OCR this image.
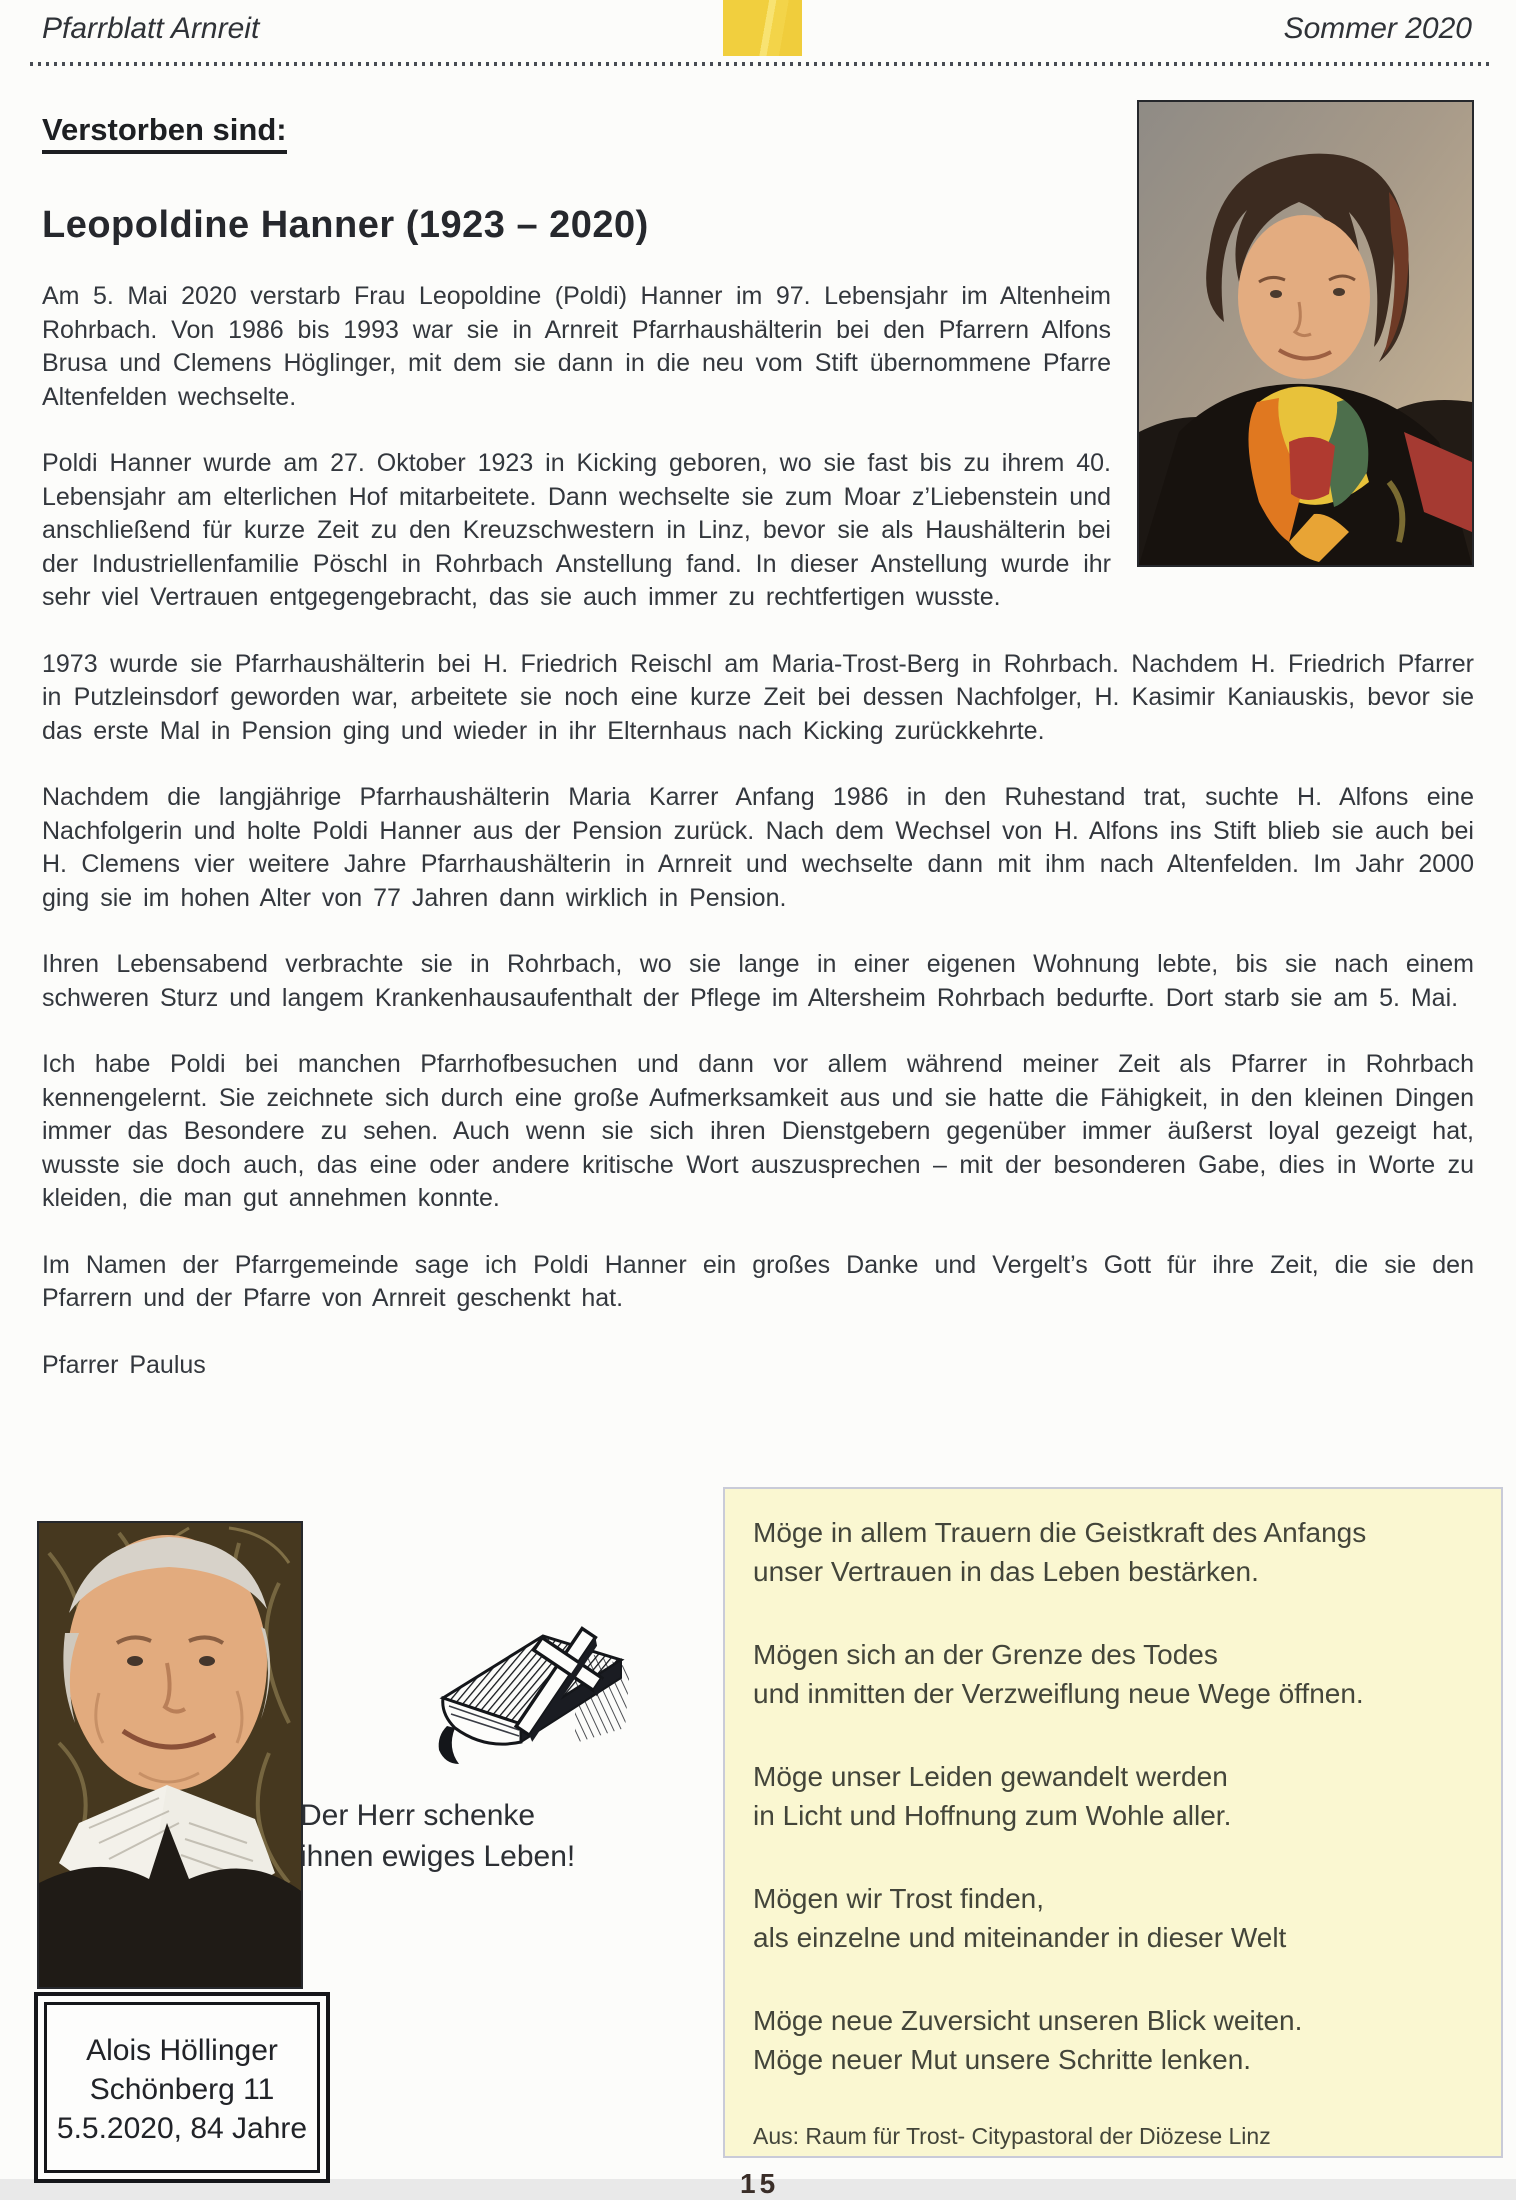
Pfarrblatt Arnreit	Sommer 2020
Verstorben sind:
Leopoldine Hanner (1923 – 2020)

Am 5. Mai 2020 verstarb Frau Leopoldine (Poldi) Hanner im 97. Lebensjahr im Altenheim Rohrbach. Von 1986 bis 1993 war sie in Arnreit Pfarrhaushälterin bei den Pfarrern Alfons Brusa und Clemens Höglinger, mit dem sie dann in die neu vom Stift übernommene Pfarre Altenfelden wechselte.

Poldi Hanner wurde am 27. Oktober 1923 in Kicking geboren, wo sie fast bis zu ihrem 40. Lebensjahr am elterlichen Hof mitarbeitete. Dann wechselte sie zum Moar z’Liebenstein und anschließend für kurze Zeit zu den Kreuzschwestern in Linz, bevor sie als Haushälterin bei der Industriellenfamilie Pöschl in Rohrbach Anstellung fand. In dieser Anstellung wurde ihr sehr viel Vertrauen entgegengebracht, das sie auch immer zu rechtfertigen wusste.

1973 wurde sie Pfarrhaushälterin bei H. Friedrich Reischl am Maria-Trost-Berg in Rohrbach. Nachdem H. Friedrich Pfarrer in Putzleinsdorf geworden war, arbeitete sie noch eine kurze Zeit bei dessen Nachfolger, H. Kasimir Kaniauskis, bevor sie das erste Mal in Pension ging und wieder in ihr Elternhaus nach Kicking zurückkehrte.

Nachdem die langjährige Pfarrhaushälterin Maria Karrer Anfang 1986 in den Ruhestand trat, suchte H. Alfons eine Nachfolgerin und holte Poldi Hanner aus der Pension zurück. Nach dem Wechsel von H. Alfons ins Stift blieb sie auch bei H. Clemens vier weitere Jahre Pfarrhaushälterin in Arnreit und wechselte dann mit ihm nach Altenfelden. Im Jahr 2000 ging sie im hohen Alter von 77 Jahren dann wirklich in Pension.

Ihren Lebensabend verbrachte sie in Rohrbach, wo sie lange in einer eigenen Wohnung lebte, bis sie nach einem schweren Sturz und langem Krankenhausaufenthalt der Pflege im Altersheim Rohrbach bedurfte. Dort starb sie am 5. Mai.

Ich habe Poldi bei manchen Pfarrhofbesuchen und dann vor allem während meiner Zeit als Pfarrer in Rohrbach kennengelernt. Sie zeichnete sich durch eine große Aufmerksamkeit aus und sie hatte die Fähigkeit, in den kleinen Dingen immer das Besondere zu sehen. Auch wenn sie sich ihren Dienstgebern gegenüber immer äußerst loyal gezeigt hat, wusste sie doch auch, das eine oder andere kritische Wort auszusprechen – mit der besonderen Gabe, dies in Worte zu kleiden, die man gut annehmen konnte.

Im Namen der Pfarrgemeinde sage ich Poldi Hanner ein großes Danke und Vergelt’s Gott für ihre Zeit, die sie den Pfarrern und der Pfarre von Arnreit geschenkt hat.

Pfarrer Paulus

Alois Höllinger
Schönberg 11
5.5.2020, 84 Jahre
Der Herr schenke
ihnen ewiges Leben!

Möge in allem Trauern die Geistkraft des Anfangs

unser Vertrauen in das Leben bestärken.

Mögen sich an der Grenze des Todes

und inmitten der Verzweiflung neue Wege öffnen.

Möge unser Leiden gewandelt werden

in Licht und Hoffnung zum Wohle aller.

Mögen wir Trost finden,

als einzelne und miteinander in dieser Welt

Möge neue Zuversicht unseren Blick weiten.

Möge neuer Mut unsere Schritte lenken.

Aus: Raum für Trost- Citypastoral der Diözese Linz
15
